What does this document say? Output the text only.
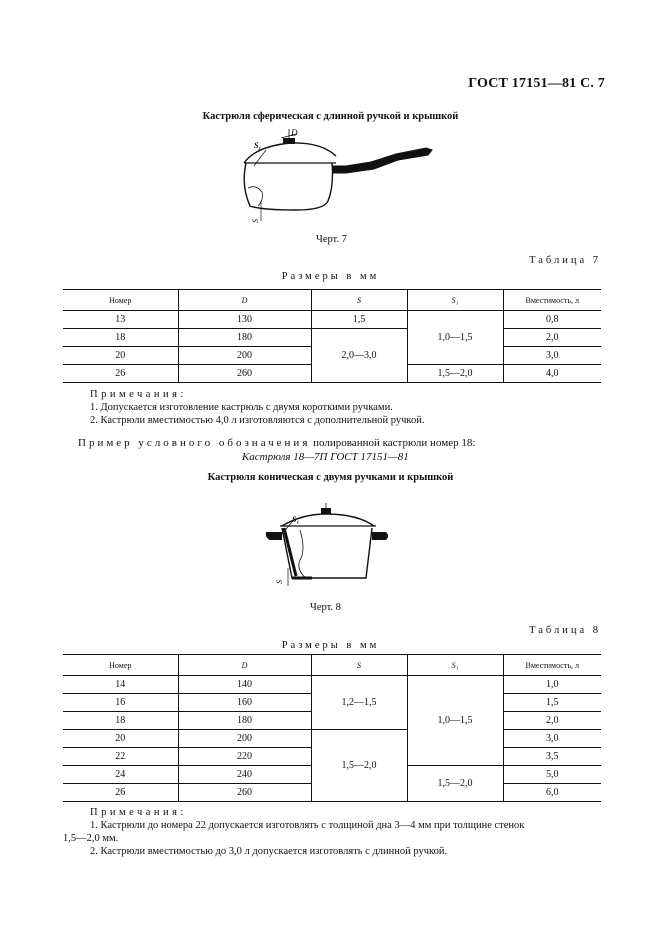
ГОСТ 17151—81 С. 7
Кастрюля сферическая с длинной ручкой и крышкой
D
S₁
S
Черт. 7
Таблица 7
Размеры в мм
Номер	D	S	S₁	Вместимость, л
13	130	1,5	1,0—1,5	0,8
18	180	2,0—3,0		2,0
20	200			3,0
26	260		1,5—2,0	4,0
Примечания:
1. Допускается изготовление кастрюль с двумя короткими ручками.
2. Кастрюли вместимостью 4,0 л изготовляются с дополнительной ручкой.
Пример условного обозначения полированной кастрюли номер 18:
Кастрюля 18—7П ГОСТ 17151—81
Кастрюля коническая с двумя ручками и крышкой
S₁
S
Черт. 8
Таблица 8
Размеры в мм
Номер	D	S	S₁	Вместимость, л
14	140	1,2—1,5	1,0—1,5	1,0
16	160			1,5
18	180			2,0
20	200	1,5—2,0		3,0
22	220			3,5
24	240		1,5—2,0	5,0
26	260			6,0
Примечания:
1. Кастрюли до номера 22 допускается изготовлять с толщиной дна 3—4 мм при толщине стенок
1,5—2,0 мм.
2. Кастрюли вместимостью до 3,0 л допускается изготовлять с длинной ручкой.
